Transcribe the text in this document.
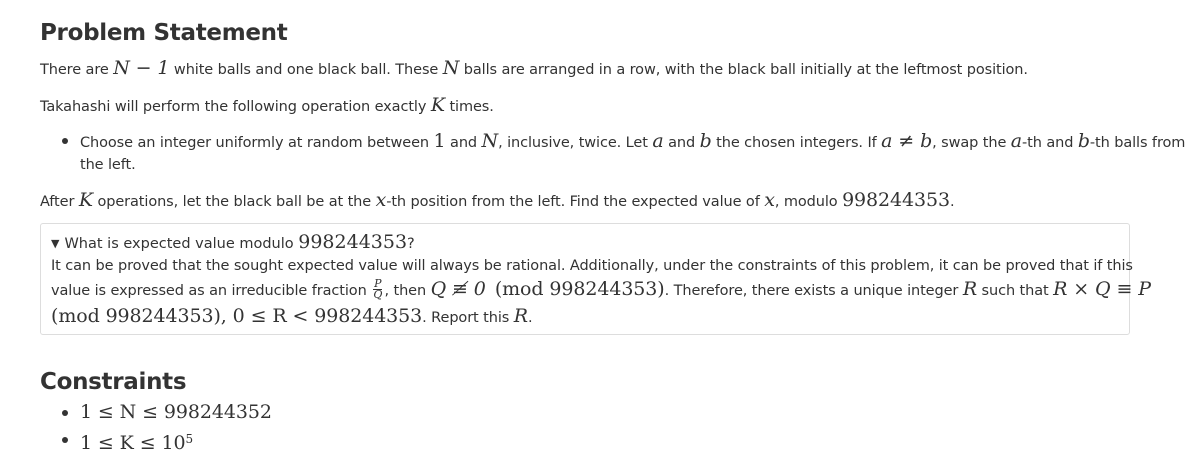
Problem Statement
There are N − 1 white balls and one black ball. These N balls are arranged in a row, with the black ball initially at the leftmost position.
Takahashi will perform the following operation exactly K times.
Choose an integer uniformly at random between 1 and N, inclusive, twice. Let a and b the chosen integers. If a ≠ b, swap the a-th and b-th balls from
the left.
After K operations, let the black ball be at the x-th position from the left. Find the expected value of x, modulo 998244353.
▼ What is expected value modulo 998244353?
It can be proved that the sought expected value will always be rational. Additionally, under the constraints of this problem, it can be proved that if this
value is expressed as an irreducible fraction $\frac{P}{Q}$ , then Q ≢ 0 (mod 998244353). Therefore, there exists a unique integer R such that R × Q ≡ P
(mod 998244353), 0 ≤ R < 998244353. Report this R.
Constraints
1 ≤ N ≤ 998244352
$1 \le K \le 10^5$
